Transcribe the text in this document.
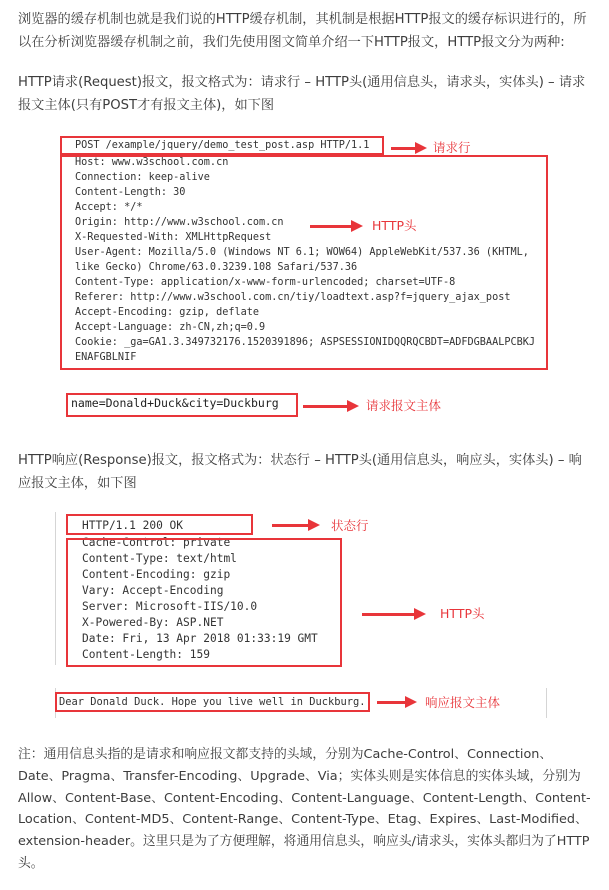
浏览器的缓存机制也就是我们说的HTTP缓存机制，其机制是根据HTTP报文的缓存标识进行的，所以在分析浏览器缓存机制之前，我们先使用图文简单介绍一下HTTP报文，HTTP报文分为两种:
HTTP请求(Request)报文，报文格式为：请求行 – HTTP头(通用信息头，请求头，实体头) – 请求报文主体(只有POST才有报文主体)，如下图
POST /example/jquery/demo_test_post.asp HTTP/1.1
Host: www.w3school.com.cn
Connection: keep-alive
Content-Length: 30
Accept: */*
Origin: http://www.w3school.com.cn
X-Requested-With: XMLHttpRequest
User-Agent: Mozilla/5.0 (Windows NT 6.1; WOW64) AppleWebKit/537.36 (KHTML,
like Gecko) Chrome/63.0.3239.108 Safari/537.36
Content-Type: application/x-www-form-urlencoded; charset=UTF-8
Referer: http://www.w3school.com.cn/tiy/loadtext.asp?f=jquery_ajax_post
Accept-Encoding: gzip, deflate
Accept-Language: zh-CN,zh;q=0.9
Cookie: _ga=GA1.3.349732176.1520391896; ASPSESSIONIDQQRQCBDT=ADFDGBAALPCBKJ
ENAFGBLNIF
name=Donald+Duck&city=Duckburg
请求行
HTTP头
请求报文主体
HTTP响应(Response)报文，报文格式为：状态行 – HTTP头(通用信息头，响应头，实体头) – 响应报文主体，如下图
HTTP/1.1 200 OK
Cache-Control: private
Content-Type: text/html
Content-Encoding: gzip
Vary: Accept-Encoding
Server: Microsoft-IIS/10.0
X-Powered-By: ASP.NET
Date: Fri, 13 Apr 2018 01:33:19 GMT
Content-Length: 159
Dear Donald Duck. Hope you live well in Duckburg.
状态行
HTTP头
响应报文主体
注：通用信息头指的是请求和响应报文都支持的头域，分别为Cache-Control、Connection、Date、Pragma、Transfer-Encoding、Upgrade、Via；实体头则是实体信息的实体头域，分别为Allow、Content-Base、Content-Encoding、Content-Language、Content-Length、Content-Location、Content-MD5、Content-Range、Content-Type、Etag、Expires、Last-Modified、extension-header。这里只是为了方便理解，将通用信息头，响应头/请求头，实体头都归为了HTTP头。
